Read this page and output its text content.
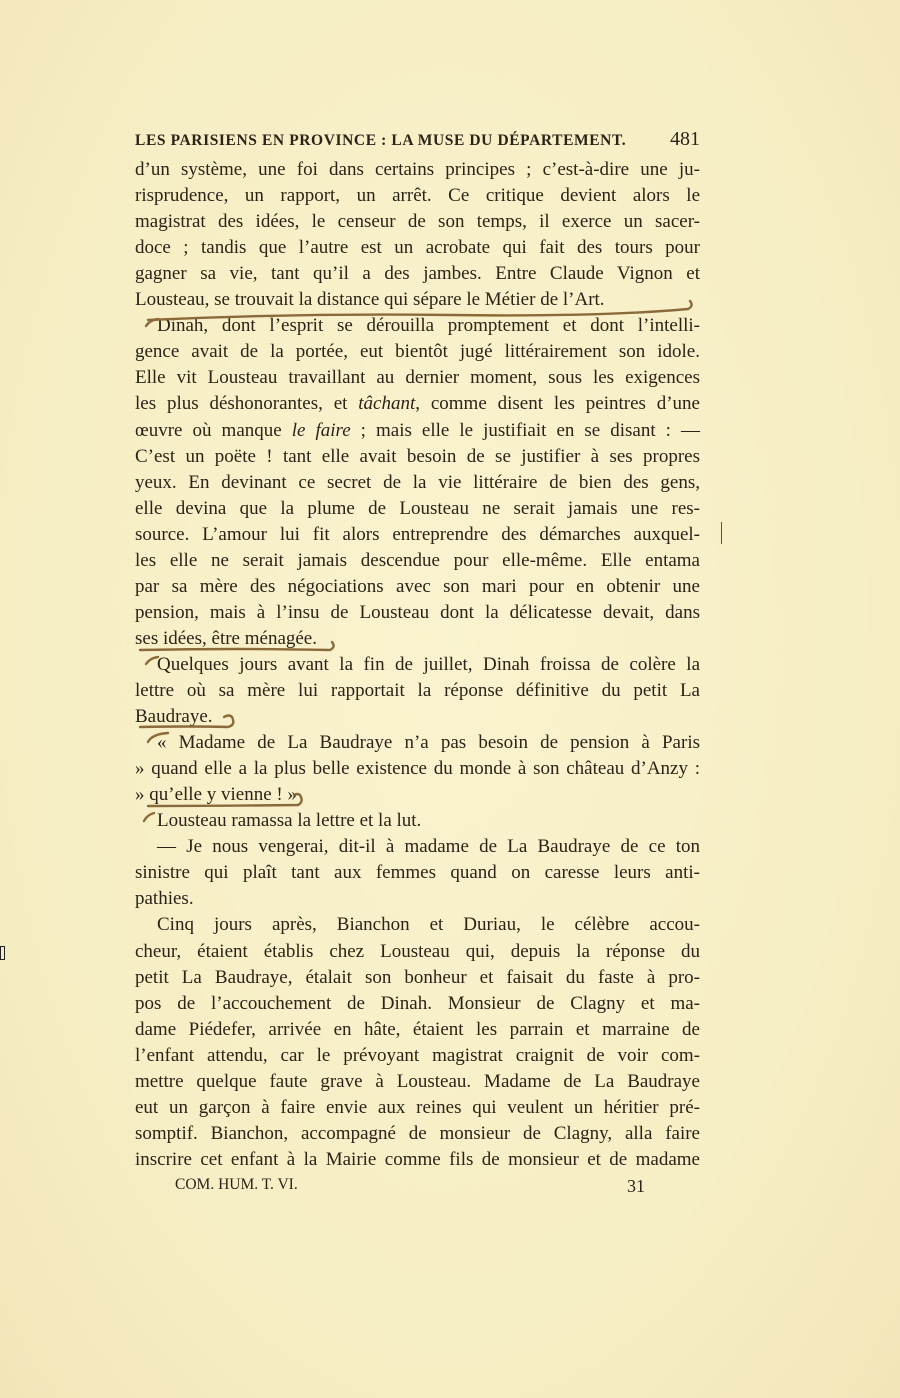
LES PARISIENS EN PROVINCE : LA MUSE DU DÉPARTEMENT. 481
d’un système, une foi dans certains principes ; c’est-à-dire une ju-
risprudence, un rapport, un arrêt. Ce critique devient alors le
magistrat des idées, le censeur de son temps, il exerce un sacer-
doce ; tandis que l’autre est un acrobate qui fait des tours pour
gagner sa vie, tant qu’il a des jambes. Entre Claude Vignon et
Lousteau, se trouvait la distance qui sépare le Métier de l’Art.
Dinah, dont l’esprit se dérouilla promptement et dont l’intelli-
gence avait de la portée, eut bientôt jugé littérairement son idole.
Elle vit Lousteau travaillant au dernier moment, sous les exigences
les plus déshonorantes, et tâchant, comme disent les peintres d’une
œuvre où manque le faire ; mais elle le justifiait en se disant : —
C’est un poëte ! tant elle avait besoin de se justifier à ses propres
yeux. En devinant ce secret de la vie littéraire de bien des gens,
elle devina que la plume de Lousteau ne serait jamais une res-
source. L’amour lui fit alors entreprendre des démarches auxquel-
les elle ne serait jamais descendue pour elle-même. Elle entama
par sa mère des négociations avec son mari pour en obtenir une
pension, mais à l’insu de Lousteau dont la délicatesse devait, dans
ses idées, être ménagée.
Quelques jours avant la fin de juillet, Dinah froissa de colère la
lettre où sa mère lui rapportait la réponse définitive du petit La
Baudraye.
« Madame de La Baudraye n’a pas besoin de pension à Paris
» quand elle a la plus belle existence du monde à son château d’Anzy :
» qu’elle y vienne ! »
Lousteau ramassa la lettre et la lut.
— Je nous vengerai, dit-il à madame de La Baudraye de ce ton
sinistre qui plaît tant aux femmes quand on caresse leurs anti-
pathies.
Cinq jours après, Bianchon et Duriau, le célèbre accou-
cheur, étaient établis chez Lousteau qui, depuis la réponse du
petit La Baudraye, étalait son bonheur et faisait du faste à pro-
pos de l’accouchement de Dinah. Monsieur de Clagny et ma-
dame Piédefer, arrivée en hâte, étaient les parrain et marraine de
l’enfant attendu, car le prévoyant magistrat craignit de voir com-
mettre quelque faute grave à Lousteau. Madame de La Baudraye
eut un garçon à faire envie aux reines qui veulent un héritier pré-
somptif. Bianchon, accompagné de monsieur de Clagny, alla faire
inscrire cet enfant à la Mairie comme fils de monsieur et de madame
COM. HUM. T. VI.	31
